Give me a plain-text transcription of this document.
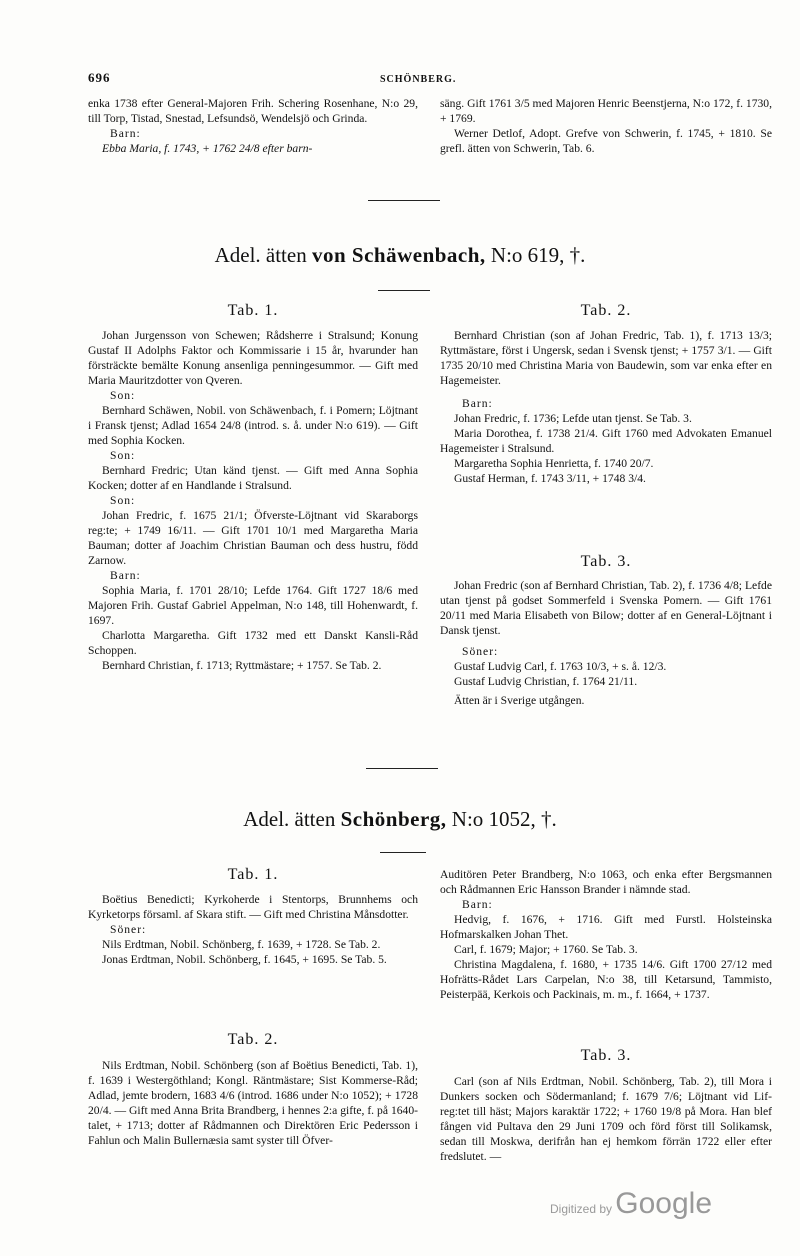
696	SCHÖNBERG.

enka 1738 efter General-Majoren Frih. Schering Rosenhane, N:o 29, till Torp, Tistad, Snestad, Lefsundsö, Wendelsjö och Grinda.

Barn:

Ebba Maria, f. 1743, + 1762 24/8 efter barn-

säng. Gift 1761 3/5 med Majoren Henric Beenstjerna, N:o 172, f. 1730, + 1769.

Werner Detlof, Adopt. Grefve von Schwerin, f. 1745, + 1810. Se grefl. ätten von Schwerin, Tab. 6.

Adel. ätten von Schäwenbach, N:o 619, †.
Tab. 1.	Tab. 2.

Johan Jurgensson von Schewen; Rådsherre i Stralsund; Konung Gustaf II Adolphs Faktor och Kommissarie i 15 år, hvarunder han försträckte bemälte Konung ansenliga penningesummor. — Gift med Maria Mauritzdotter von Qveren.

Son:

Bernhard Schäwen, Nobil. von Schäwenbach, f. i Pomern; Löjtnant i Fransk tjenst; Adlad 1654 24/8 (introd. s. å. under N:o 619). — Gift med Sophia Kocken.

Son:

Bernhard Fredric; Utan känd tjenst. — Gift med Anna Sophia Kocken; dotter af en Handlande i Stralsund.

Son:

Johan Fredric, f. 1675 21/1; Öfverste-Löjtnant vid Skaraborgs reg:te; + 1749 16/11. — Gift 1701 10/1 med Margaretha Maria Bauman; dotter af Joachim Christian Bauman och dess hustru, född Zarnow.

Barn:

Sophia Maria, f. 1701 28/10; Lefde 1764. Gift 1727 18/6 med Majoren Frih. Gustaf Gabriel Appelman, N:o 148, till Hohenwardt, f. 1697.

Charlotta Margaretha. Gift 1732 med ett Danskt Kansli-Råd Schoppen.

Bernhard Christian, f. 1713; Ryttmästare; + 1757. Se Tab. 2.

Bernhard Christian (son af Johan Fredric, Tab. 1), f. 1713 13/3; Ryttmästare, först i Ungersk, sedan i Svensk tjenst; + 1757 3/1. — Gift 1735 20/10 med Christina Maria von Baudewin, som var enka efter en Hagemeister.

Barn:

Johan Fredric, f. 1736; Lefde utan tjenst. Se Tab. 3.

Maria Dorothea, f. 1738 21/4. Gift 1760 med Advokaten Emanuel Hagemeister i Stralsund.

Margaretha Sophia Henrietta, f. 1740 20/7.

Gustaf Herman, f. 1743 3/11, + 1748 3/4.

Tab. 3.

Johan Fredric (son af Bernhard Christian, Tab. 2), f. 1736 4/8; Lefde utan tjenst på godset Sommerfeld i Svenska Pomern. — Gift 1761 20/11 med Maria Elisabeth von Bilow; dotter af en General-Löjtnant i Dansk tjenst.

Söner:

Gustaf Ludvig Carl, f. 1763 10/3, + s. å. 12/3.

Gustaf Ludvig Christian, f. 1764 21/11.

Ätten är i Sverige utgången.

Adel. ätten Schönberg, N:o 1052, †.
Tab. 1.

Boëtius Benedicti; Kyrkoherde i Stentorps, Brunnhems och Kyrketorps församl. af Skara stift. — Gift med Christina Månsdotter.

Söner:

Nils Erdtman, Nobil. Schönberg, f. 1639, + 1728. Se Tab. 2.

Jonas Erdtman, Nobil. Schönberg, f. 1645, + 1695. Se Tab. 5.

Tab. 2.

Nils Erdtman, Nobil. Schönberg (son af Boëtius Benedicti, Tab. 1), f. 1639 i Westergöthland; Kongl. Räntmästare; Sist Kommerse-Råd; Adlad, jemte brodern, 1683 4/6 (introd. 1686 under N:o 1052); + 1728 20/4. — Gift med Anna Brita Brandberg, i hennes 2:a gifte, f. på 1640-talet, + 1713; dotter af Rådmannen och Direktören Eric Pedersson i Fahlun och Malin Bullernæsia samt syster till Öfver-

Auditören Peter Brandberg, N:o 1063, och enka efter Bergsmannen och Rådmannen Eric Hansson Brander i nämnde stad.

Barn:

Hedvig, f. 1676, + 1716. Gift med Furstl. Holsteinska Hofmarskalken Johan Thet.

Carl, f. 1679; Major; + 1760. Se Tab. 3.

Christina Magdalena, f. 1680, + 1735 14/6. Gift 1700 27/12 med Hofrätts-Rådet Lars Carpelan, N:o 38, till Ketarsund, Tammisto, Peisterpää, Kerkois och Packinais, m. m., f. 1664, + 1737.

Tab. 3.

Carl (son af Nils Erdtman, Nobil. Schönberg, Tab. 2), till Mora i Dunkers socken och Södermanland; f. 1679 7/6; Löjtnant vid Lif-reg:tet till häst; Majors karaktär 1722; + 1760 19/8 på Mora. Han blef fången vid Pultava den 29 Juni 1709 och förd först till Solikamsk, sedan till Moskwa, derifrån han ej hemkom förrän 1722 eller efter fredslutet. —

Digitized by Google
